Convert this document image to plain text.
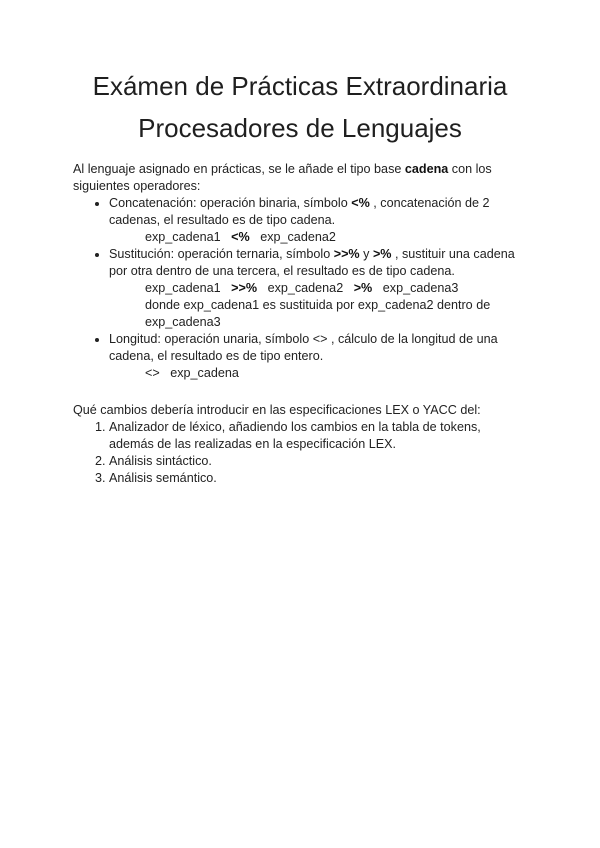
Exámen de Prácticas Extraordinaria
Procesadores de Lenguajes

Al lenguaje asignado en prácticas, se le añade el tipo base cadena con los siguientes operadores:

• Concatenación: operación binaria, símbolo <% , concatenación de 2 cadenas, el resultado es de tipo cadena.
exp_cadena1 <% exp_cadena2
• Sustitución: operación ternaria, símbolo >>% y >% , sustituir una cadena por otra dentro de una tercera, el resultado es de tipo cadena.
exp_cadena1 >>% exp_cadena2 >% exp_cadena3
donde exp_cadena1 es sustituida por exp_cadena2 dentro de exp_cadena3
• Longitud: operación unaria, símbolo <> , cálculo de la longitud de una cadena, el resultado es de tipo entero.
<> exp_cadena

Qué cambios debería introducir en las especificaciones LEX o YACC del:

1. Analizador de léxico, añadiendo los cambios en la tabla de tokens, además de las realizadas en la especificación LEX.
2. Análisis sintáctico.
3. Análisis semántico.
